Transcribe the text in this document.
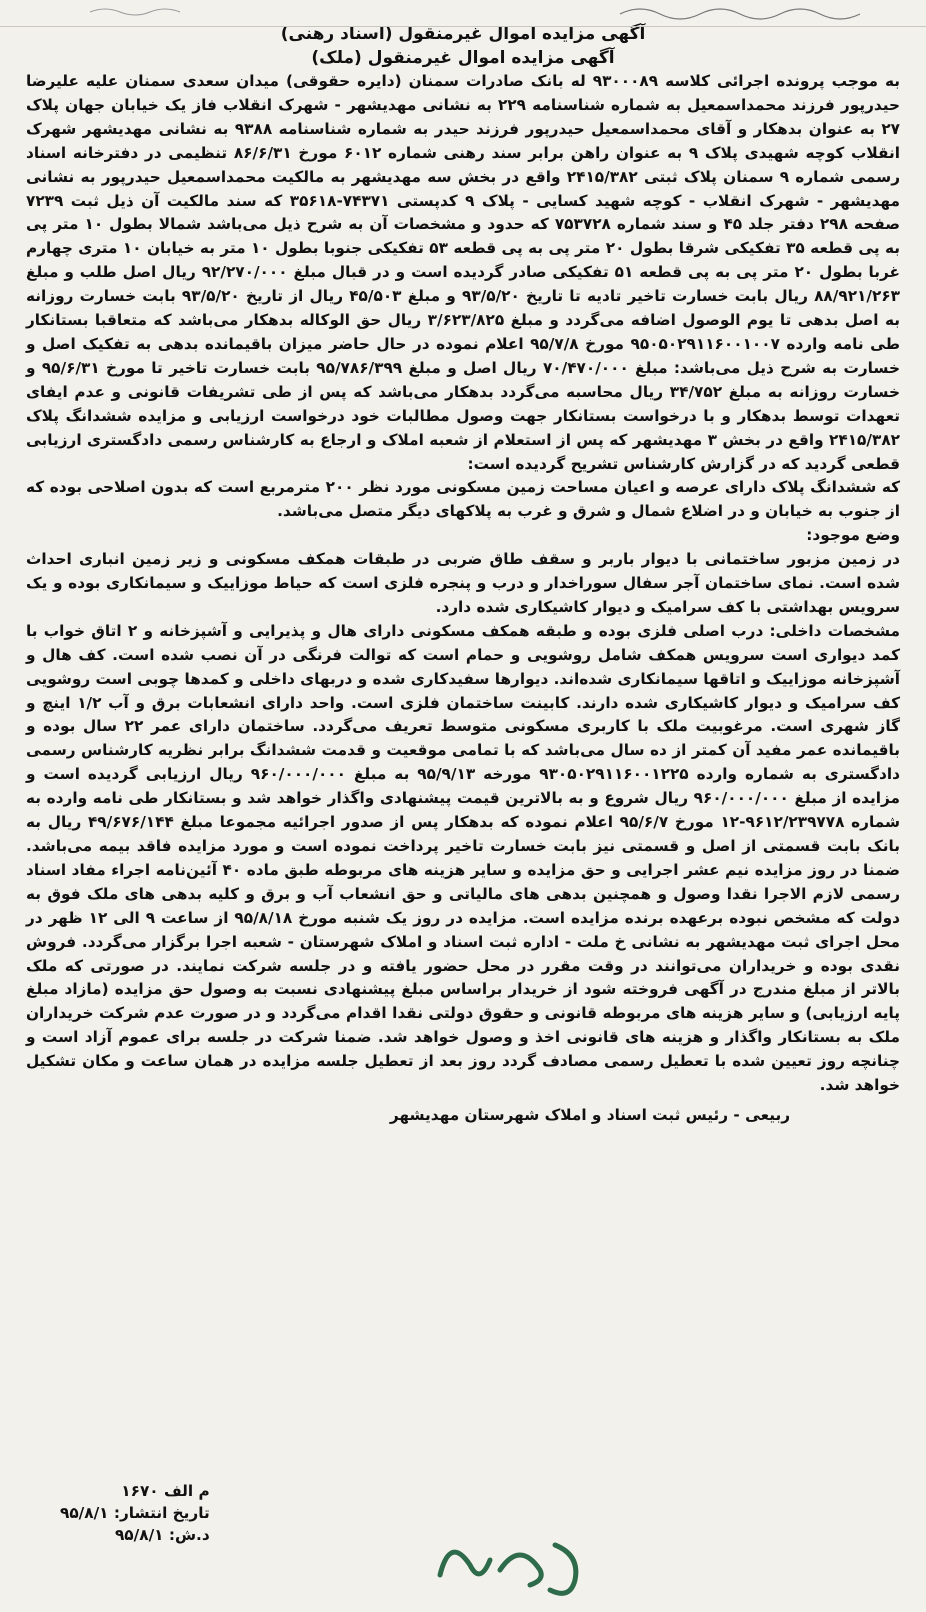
آگهی مزایده اموال غیرمنقول (اسناد رهنی)

آگهی مزایده اموال غیرمنقول (ملک)

به موجب پرونده اجرائی کلاسه ۹۳۰۰۰۸۹ له بانک صادرات سمنان (دایره حقوقی) میدان سعدی سمنان علیه علیرضا حیدرپور فرزند محمداسمعیل به شماره شناسنامه ۲۲۹ به نشانی مهدیشهر - شهرک انقلاب فاز یک خیابان جهان پلاک ۲۷ به عنوان بدهکار و آقای محمداسمعیل حیدرپور فرزند حیدر به شماره شناسنامه ۹۳۸۸ به نشانی مهدیشهر شهرک انقلاب کوچه شهیدی پلاک ۹ به عنوان راهن برابر سند رهنی شماره ۶۰۱۲ مورخ ۸۶/۶/۳۱ تنظیمی در دفترخانه اسناد رسمی شماره ۹ سمنان پلاک ثبتی ۲۴۱۵/۳۸۲ واقع در بخش سه مهدیشهر به مالکیت محمداسمعیل حیدرپور به نشانی مهدیشهر - شهرک انقلاب - کوچه شهید کسایی - پلاک ۹ کدپستی ۷۴۳۷۱-۳۵۶۱۸ که سند مالکیت آن ذیل ثبت ۷۲۳۹ صفحه ۲۹۸ دفتر جلد ۴۵ و سند شماره ۷۵۳۷۲۸ که حدود و مشخصات آن به شرح ذیل می‌باشد شمالا بطول ۱۰ متر پی به پی قطعه ۳۵ تفکیکی شرقا بطول ۲۰ متر پی به پی قطعه ۵۳ تفکیکی جنوبا بطول ۱۰ متر به خیابان ۱۰ متری چهارم غربا بطول ۲۰ متر پی به پی قطعه ۵۱ تفکیکی صادر گردیده است و در قبال مبلغ ۹۲/۲۷۰/۰۰۰ ریال اصل طلب و مبلغ ۸۸/۹۲۱/۲۶۳ ریال بابت خسارت تاخیر تادیه تا تاریخ ۹۳/۵/۲۰ و مبلغ ۴۵/۵۰۳ ریال از تاریخ ۹۳/۵/۲۰ بابت خسارت روزانه به اصل بدهی تا یوم الوصول اضافه می‌گردد و مبلغ ۳/۶۲۳/۸۲۵ ریال حق الوکاله بدهکار می‌باشد که متعاقبا بستانکار طی نامه وارده ۹۵۰۵۰۲۹۱۱۶۰۰۱۰۰۷ مورخ ۹۵/۷/۸ اعلام نموده در حال حاضر میزان باقیمانده بدهی به تفکیک اصل و خسارت به شرح ذیل می‌باشد: مبلغ ۷۰/۴۷۰/۰۰۰ ریال اصل و مبلغ ۹۵/۷۸۶/۳۹۹ بابت خسارت تاخیر تا مورخ ۹۵/۶/۳۱ و خسارت روزانه به مبلغ ۳۴/۷۵۲ ریال محاسبه می‌گردد بدهکار می‌باشد که پس از طی تشریفات قانونی و عدم ایفای تعهدات توسط بدهکار و با درخواست بستانکار جهت وصول مطالبات خود درخواست ارزیابی و مزایده ششدانگ پلاک ۲۴۱۵/۳۸۲ واقع در بخش ۳ مهدیشهر که پس از استعلام از شعبه املاک و ارجاع به کارشناس رسمی دادگستری ارزیابی قطعی گردید که در گزارش کارشناس تشریح گردیده است:

که ششدانگ پلاک دارای عرصه و اعیان مساحت زمین مسکونی مورد نظر ۲۰۰ مترمربع است که بدون اصلاحی بوده که از جنوب به خیابان و در اضلاع شمال و شرق و غرب به پلاکهای دیگر متصل می‌باشد.

وضع موجود:

در زمین مزبور ساختمانی با دیوار باربر و سقف طاق ضربی در طبقات همکف مسکونی و زیر زمین انباری احداث شده است. نمای ساختمان آجر سفال سوراخدار و درب و پنجره فلزی است که حیاط موزاییک و سیمانکاری بوده و یک سرویس بهداشتی با کف سرامیک و دیوار کاشیکاری شده دارد.

مشخصات داخلی: درب اصلی فلزی بوده و طبقه همکف مسکونی دارای هال و پذیرایی و آشپزخانه و ۲ اتاق خواب با کمد دیواری است سرویس همکف شامل روشویی و حمام است که توالت فرنگی در آن نصب شده است. کف هال و آشپزخانه موزاییک و اتاقها سیمانکاری شده‌اند. دیوارها سفیدکاری شده و دربهای داخلی و کمدها چوبی است روشویی کف سرامیک و دیوار کاشیکاری شده دارند. کابینت ساختمان فلزی است. واحد دارای انشعابات برق و آب ۱/۲ اینچ و گاز شهری است. مرغوبیت ملک با کاربری مسکونی متوسط تعریف می‌گردد. ساختمان دارای عمر ۲۲ سال بوده و باقیمانده عمر مفید آن کمتر از ده سال می‌باشد که با تمامی موقعیت و قدمت ششدانگ برابر نظریه کارشناس رسمی دادگستری به شماره وارده ۹۳۰۵۰۲۹۱۱۶۰۰۱۲۲۵ مورخه ۹۵/۹/۱۳ به مبلغ ۹۶۰/۰۰۰/۰۰۰ ریال ارزیابی گردیده است و مزایده از مبلغ ۹۶۰/۰۰۰/۰۰۰ ریال شروع و به بالاترین قیمت پیشنهادی واگذار خواهد شد و بستانکار طی نامه وارده به شماره ۹۶۱۲/۲۳۹۷۷۸-۱۲ مورخ ۹۵/۶/۷ اعلام نموده که بدهکار پس از صدور اجرائیه مجموعا مبلغ ۴۹/۶۷۶/۱۴۴ ریال به بانک بابت قسمتی از اصل و قسمتی نیز بابت خسارت تاخیر پرداخت نموده است و مورد مزایده فاقد بیمه می‌باشد. ضمنا در روز مزایده نیم عشر اجرایی و حق مزایده و سایر هزینه های مربوطه طبق ماده ۴۰ آئین‌نامه اجراء مفاد اسناد رسمی لازم الاجرا نقدا وصول و همچنین بدهی های مالیاتی و حق انشعاب آب و برق و کلیه بدهی های ملک فوق به دولت که مشخص نبوده برعهده برنده مزایده است. مزایده در روز یک شنبه مورخ ۹۵/۸/۱۸ از ساعت ۹ الی ۱۲ ظهر در محل اجرای ثبت مهدیشهر به نشانی خ ملت - اداره ثبت اسناد و املاک شهرستان - شعبه اجرا برگزار می‌گردد. فروش نقدی بوده و خریداران می‌توانند در وقت مقرر در محل حضور یافته و در جلسه شرکت نمایند. در صورتی که ملک بالاتر از مبلغ مندرج در آگهی فروخته شود از خریدار براساس مبلغ پیشنهادی نسبت به وصول حق مزایده (مازاد مبلغ پایه ارزیابی) و سایر هزینه های مربوطه قانونی و حقوق دولتی نقدا اقدام می‌گردد و در صورت عدم شرکت خریداران ملک به بستانکار واگذار و هزینه های قانونی اخذ و وصول خواهد شد. ضمنا شرکت در جلسه برای عموم آزاد است و چنانچه روز تعیین شده با تعطیل رسمی مصادف گردد روز بعد از تعطیل جلسه مزایده در همان ساعت و مکان تشکیل خواهد شد.

ربیعی - رئیس ثبت اسناد و املاک شهرستان مهدیشهر

م الف ۱۶۷۰
تاریخ انتشار: ۹۵/۸/۱
د.ش: ۹۵/۸/۱
